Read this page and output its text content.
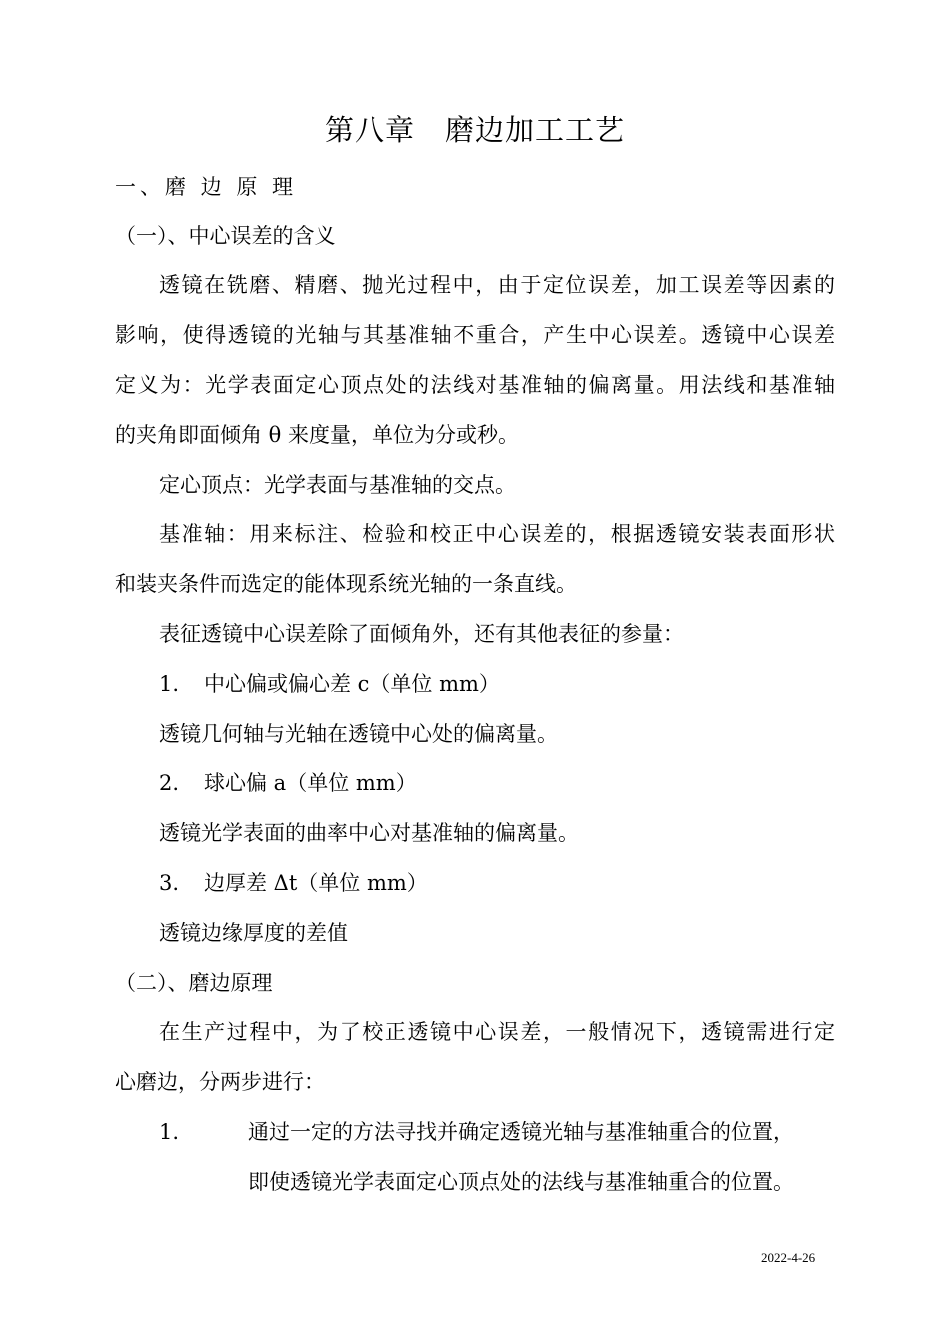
第八章　磨边加工工艺
一、磨 边 原 理
（一）、中心误差的含义
透镜在铣磨、精磨、抛光过程中，由于定位误差，加工误差等因素的
影响，使得透镜的光轴与其基准轴不重合，产生中心误差。透镜中心误差
定义为：光学表面定心顶点处的法线对基准轴的偏离量。用法线和基准轴
的夹角即面倾角 θ 来度量，单位为分或秒。
定心顶点：光学表面与基准轴的交点。
基准轴：用来标注、检验和校正中心误差的，根据透镜安装表面形状
和装夹条件而选定的能体现系统光轴的一条直线。
表征透镜中心误差除了面倾角外，还有其他表征的参量：
1. 中心偏或偏心差 c（单位 mm）
透镜几何轴与光轴在透镜中心处的偏离量。
2. 球心偏 a（单位 mm）
透镜光学表面的曲率中心对基准轴的偏离量。
3. 边厚差 Δt（单位 mm）
透镜边缘厚度的差值
（二）、磨边原理
在生产过程中，为了校正透镜中心误差，一般情况下，透镜需进行定
心磨边，分两步进行：
1.	通过一定的方法寻找并确定透镜光轴与基准轴重合的位置，
即使透镜光学表面定心顶点处的法线与基准轴重合的位置。
2022-4-26
